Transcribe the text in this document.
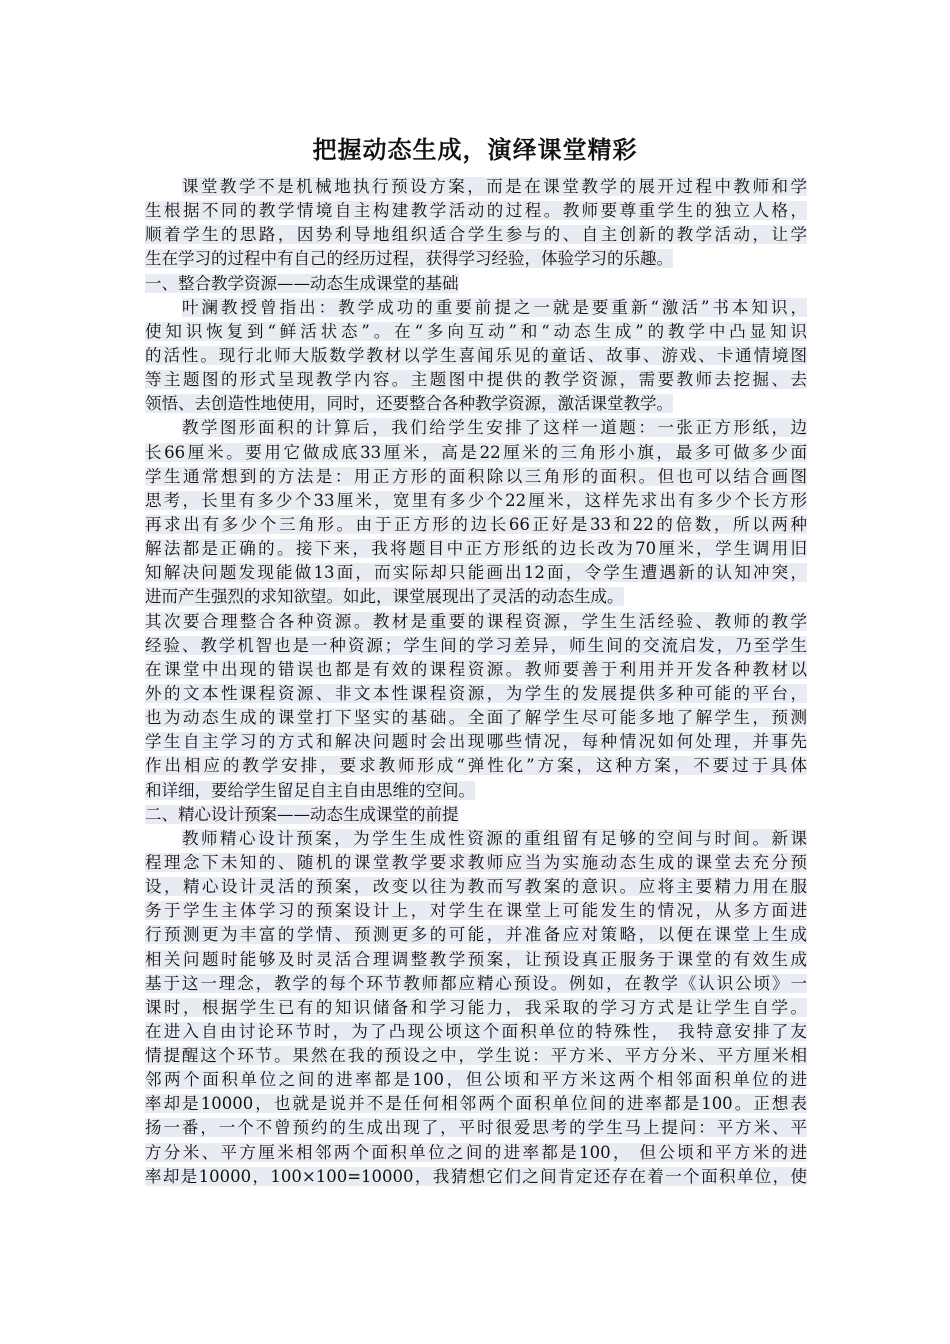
把握动态生成，演绎课堂精彩
课堂教学不是机械地执行预设方案，而是在课堂教学的展开过程中教师和学
生根据不同的教学情境自主构建教学活动的过程。教师要尊重学生的独立人格，
顺着学生的思路，因势利导地组织适合学生参与的、自主创新的教学活动，让学
生在学习的过程中有自己的经历过程，获得学习经验，体验学习的乐趣。
一、整合教学资源——动态生成课堂的基础
叶澜教授曾指出：教学成功的重要前提之一就是要重新“激活”书本知识，
使知识恢复到“鲜活状态”。在“多向互动”和“动态生成”的教学中凸显知识
的活性。现行北师大版数学教材以学生喜闻乐见的童话、故事、游戏、卡通情境图
等主题图的形式呈现教学内容。主题图中提供的教学资源，需要教师去挖掘、去
领悟、去创造性地使用，同时，还要整合各种教学资源，激活课堂教学。
教学图形面积的计算后，我们给学生安排了这样一道题：一张正方形纸，边
长66厘米。要用它做成底33厘米，高是22厘米的三角形小旗，最多可做多少面
学生通常想到的方法是：用正方形的面积除以三角形的面积。但也可以结合画图
思考，长里有多少个33厘米，宽里有多少个22厘米，这样先求出有多少个长方形
再求出有多少个三角形。由于正方形的边长66正好是33和22的倍数，所以两种
解法都是正确的。接下来，我将题目中正方形纸的边长改为70厘米，学生调用旧
知解决问题发现能做13面，而实际却只能画出12面，令学生遭遇新的认知冲突，
进而产生强烈的求知欲望。如此，课堂展现出了灵活的动态生成。
其次要合理整合各种资源。教材是重要的课程资源，学生生活经验、教师的教学
经验、教学机智也是一种资源；学生间的学习差异，师生间的交流启发，乃至学生
在课堂中出现的错误也都是有效的课程资源。教师要善于利用并开发各种教材以
外的文本性课程资源、非文本性课程资源，为学生的发展提供多种可能的平台，
也为动态生成的课堂打下坚实的基础。全面了解学生尽可能多地了解学生，预测
学生自主学习的方式和解决问题时会出现哪些情况，每种情况如何处理，并事先
作出相应的教学安排，要求教师形成“弹性化”方案，这种方案，不要过于具体
和详细，要给学生留足自主自由思维的空间。
二、精心设计预案——动态生成课堂的前提
教师精心设计预案，为学生生成性资源的重组留有足够的空间与时间。新课
程理念下未知的、随机的课堂教学要求教师应当为实施动态生成的课堂去充分预
设，精心设计灵活的预案，改变以往为教而写教案的意识。应将主要精力用在服
务于学生主体学习的预案设计上，对学生在课堂上可能发生的情况，从多方面进
行预测更为丰富的学情、预测更多的可能，并准备应对策略，以便在课堂上生成
相关问题时能够及时灵活合理调整教学预案，让预设真正服务于课堂的有效生成
基于这一理念，教学的每个环节教师都应精心预设。例如，在教学《认识公顷》一
课时，根据学生已有的知识储备和学习能力，我采取的学习方式是让学生自学。
在进入自由讨论环节时，为了凸现公顷这个面积单位的特殊性， 我特意安排了友
情提醒这个环节。果然在我的预设之中，学生说：平方米、平方分米、平方厘米相
邻两个面积单位之间的进率都是100，但公顷和平方米这两个相邻面积单位的进
率却是10000，也就是说并不是任何相邻两个面积单位间的进率都是100。正想表
扬一番，一个不曾预约的生成出现了，平时很爱思考的学生马上提问：平方米、平
方分米、平方厘米相邻两个面积单位之间的进率都是100， 但公顷和平方米的进
率却是10000，100×100=10000，我猜想它们之间肯定还存在着一个面积单位，使
